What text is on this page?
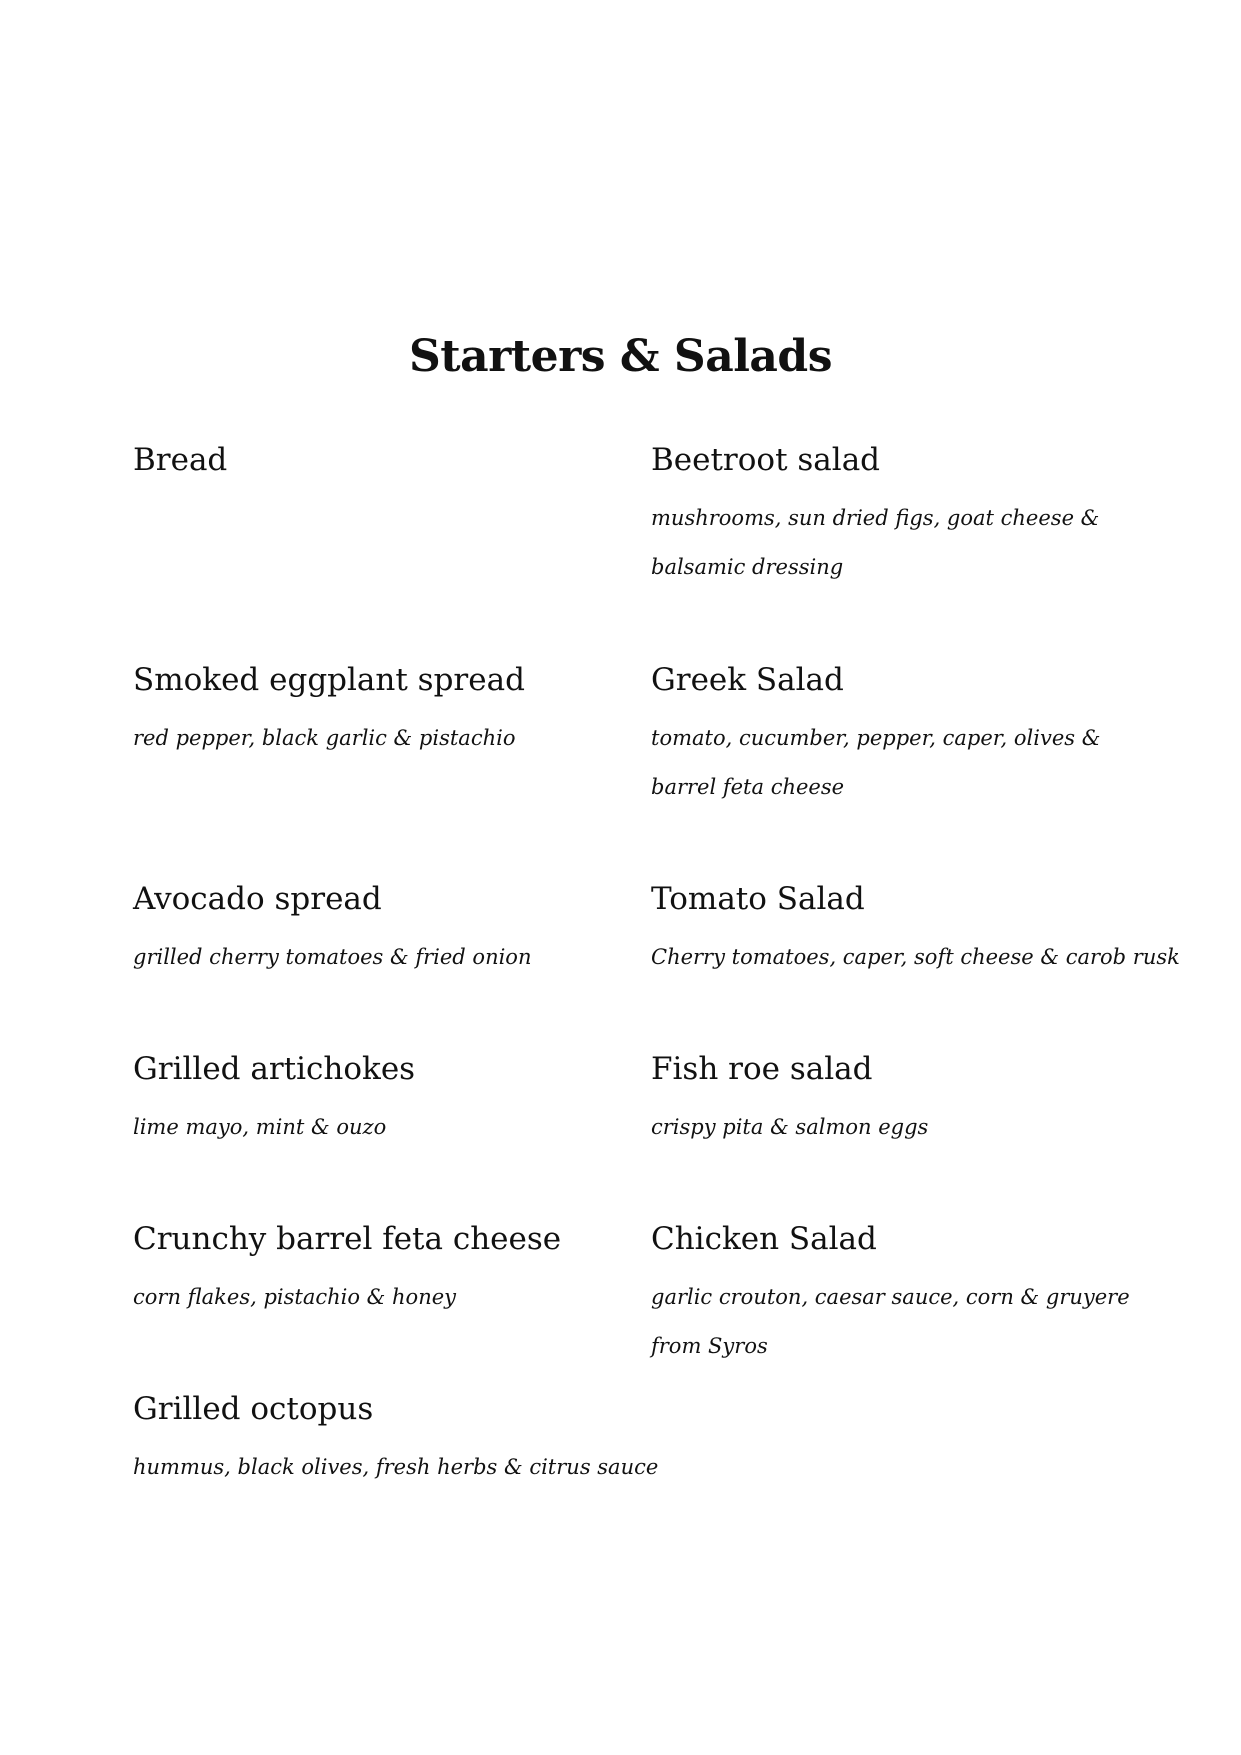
Starters & Salads
Bread
Smoked eggplant spread
red pepper, black garlic & pistachio
Avocado spread
grilled cherry tomatoes & fried onion
Grilled artichokes
lime mayo, mint & ouzo
Crunchy barrel feta cheese
corn flakes, pistachio & honey
Grilled octopus
hummus, black olives, fresh herbs & citrus sauce
Beetroot salad
mushrooms, sun dried figs, goat cheese &
balsamic dressing
Greek Salad
tomato, cucumber, pepper, caper, olives &
barrel feta cheese
Tomato Salad
Cherry tomatoes, caper, soft cheese & carob rusk
Fish roe salad
crispy pita & salmon eggs
Chicken Salad
garlic crouton, caesar sauce, corn & gruyere
from Syros
